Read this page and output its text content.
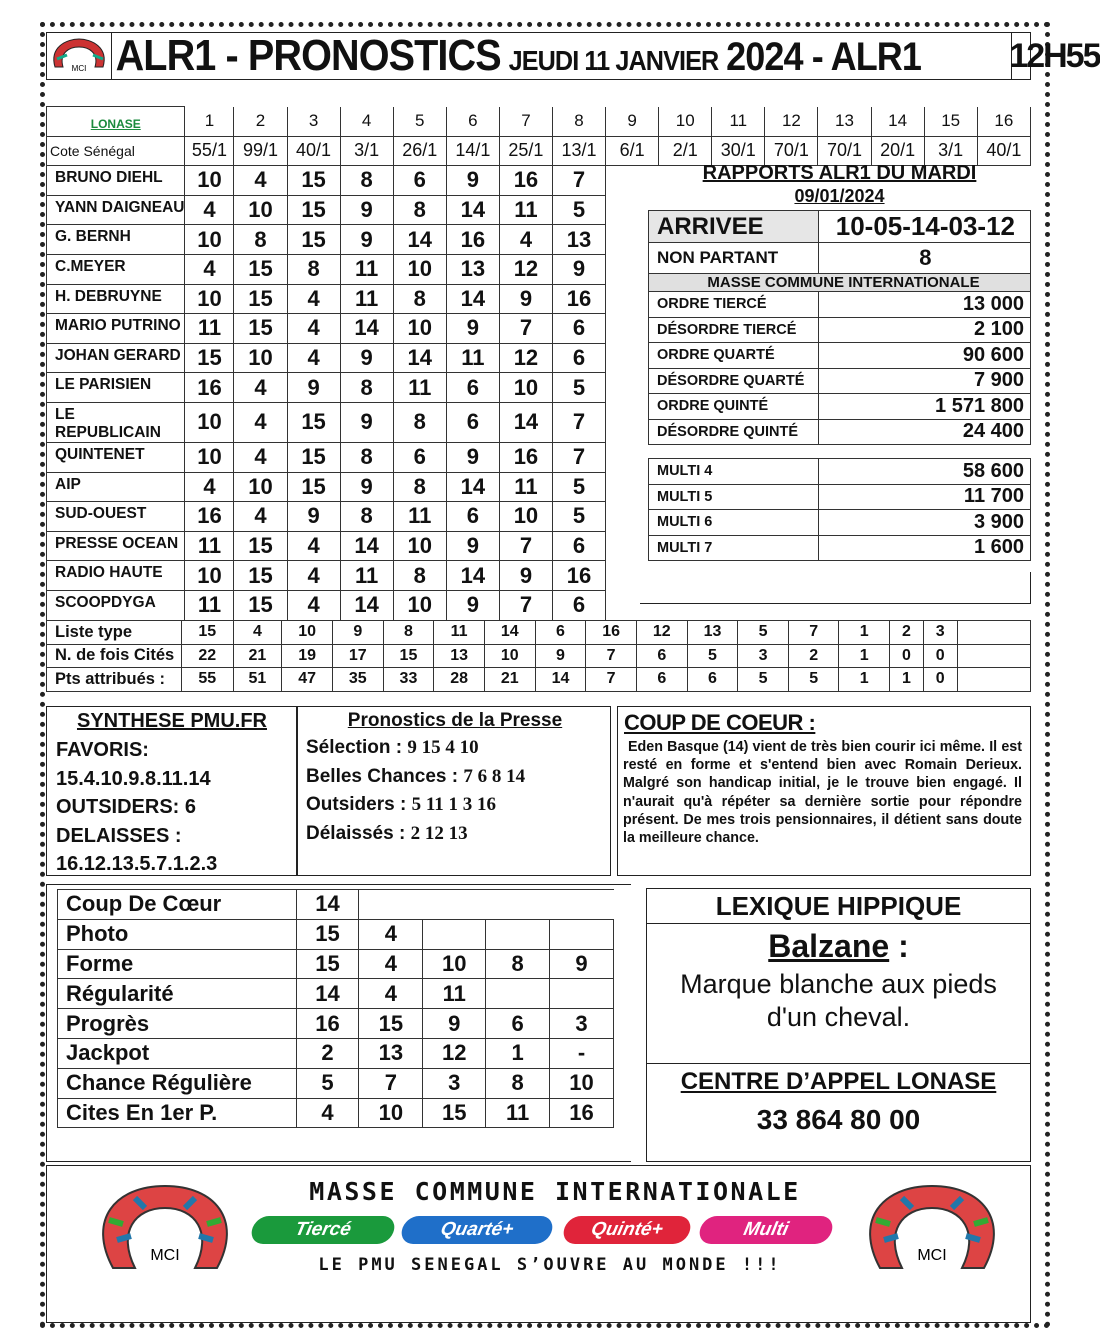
MCI ALR1 - PRONOSTICS JEUDI 11 JANVIER 2024 - ALR1	12H55
LONASE	1	2	3	4	5	6	7	8	9	10	11	12	13	14	15	16
Cote Sénégal	55/1	99/1	40/1	3/1	26/1	14/1	25/1	13/1	6/1	2/1	30/1	70/1	70/1	20/1	3/1	40/1
BRUNO DIEHL	10	4	15	8	6	9	16	7								
YANN DAIGNEAU	4	10	15	9	8	14	11	5								
G. BERNH	10	8	15	9	14	16	4	13								
C.MEYER	4	15	8	11	10	13	12	9								
H. DEBRUYNE	10	15	4	11	8	14	9	16								
MARIO PUTRINO	11	15	4	14	10	9	7	6								
JOHAN GERARD	15	10	4	9	14	11	12	6								
LE PARISIEN	16	4	9	8	11	6	10	5								
LE REPUBLICAIN	10	4	15	9	8	6	14	7								
QUINTENET	10	4	15	8	6	9	16	7								
AIP	4	10	15	9	8	14	11	5								
SUD-OUEST	16	4	9	8	11	6	10	5								
PRESSE OCEAN	11	15	4	14	10	9	7	6								
RADIO HAUTE	10	15	4	11	8	14	9	16								
SCOOPDYGA	11	15	4	14	10	9	7	6								
RAPPORTS ALR1 DU MARDI
09/01/2024
ARRIVEE	10-05-14-03-12
NON PARTANT	8
MASSE COMMUNE INTERNATIONALE	
ORDRE TIERCÉ	13 000
DÉSORDRE TIERCÉ	2 100
ORDRE QUARTÉ	90 600
DÉSORDRE QUARTÉ	7 900
ORDRE QUINTÉ	1 571 800
DÉSORDRE QUINTÉ	24 400

MULTI 4	58 600
MULTI 5	11 700
MULTI 6	3 900
MULTI 7	1 600
Liste type	15	4	10	9	8	11	14	6	16	12	13	5	7	1	2	3	
N. de fois Cités	22	21	19	17	15	13	10	9	7	6	5	3	2	1	0	0	
Pts attribués :	55	51	47	35	33	28	21	14	7	6	6	5	5	1	1	0	
SYNTHESE PMU.FR
FAVORIS:
15.4.10.9.8.11.14
OUTSIDERS: 6
DELAISSES :
16.12.13.5.7.1.2.3
Pronostics de la Presse
Sélection : 9 15 4 10
Belles Chances : 7 6 8 14
Outsiders : 5 11 1 3 16
Délaissés : 2 12 13
COUP DE COEUR :
Eden Basque (14) vient de très bien courir ici même. Il est resté en forme et s'entend bien avec Romain Derieux. Malgré son handicap initial, je le trouve bien engagé. Il n'aurait qu'à répéter sa dernière sortie pour répondre présent. De mes trois pensionnaires, il détient sans doute la meilleure chance.
Coup De Cœur	14				
Photo	15	4			
Forme	15	4	10	8	9
Régularité	14	4	11		
Progrès	16	15	9	6	3
Jackpot	2	13	12	1	-
Chance Régulière	5	7	3	8	10
Cites En 1er P.	4	10	15	11	16
LEXIQUE HIPPIQUE
Balzane :
Marque blanche aux pieds d'un cheval.
CENTRE D’APPEL LONASE
33 864 80 00
MCI	MCI
MASSE COMMUNE INTERNATIONALE
Tiercé	Quarté+	Quinté+	Multi
LE PMU SENEGAL S’OUVRE AU MONDE !!!
